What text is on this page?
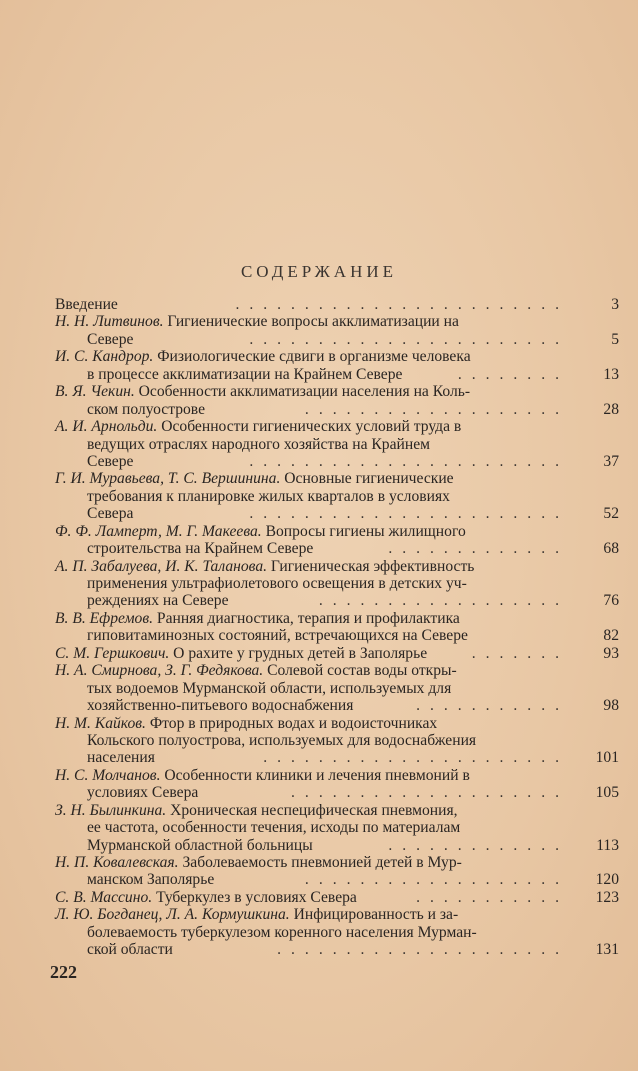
СОДЕРЖАНИЕ
Введение	........................	3
Н. Н. Литвинов. Гигиенические вопросы акклиматизации на
Севере	.......................	5
И. С. Кандрор. Физиологические сдвиги в организме человека
в процессе акклиматизации на Крайнем Севере	........ 13
В. Я. Чекин. Особенности акклиматизации населения на Коль-
ском полуострове	................... 28
А. И. Арнольди. Особенности гигиенических условий труда в
ведущих отраслях народного хозяйства на Крайнем
Севере	....................... 37
Г. И. Муравьева, Т. С. Вершинина. Основные гигиенические
требования к планировке жилых кварталов в условиях
Севера	....................... 52
Ф. Ф. Ламперт, М. Г. Макеева. Вопросы гигиены жилищного
строительства на Крайнем Севере	............. 68
А. П. Забалуева, И. К. Таланова. Гигиеническая эффективность
применения ультрафиолетового освещения в детских уч-
реждениях на Севере	.................. 76
В. В. Ефремов. Ранняя диагностика, терапия и профилактика
гиповитаминозных состояний, встречающихся на Севере	82
С. М. Гершкович. О рахите у грудных детей в Заполярье	....... 93
Н. А. Смирнова, З. Г. Федякова. Солевой состав воды откры-
тых водоемов Мурманской области, используемых для
хозяйственно-питьевого водоснабжения	........... 98
Н. М. Кайков. Фтор в природных водах и водоисточниках
Кольского полуострова, используемых для водоснабжения
населения	...................... 101
Н. С. Молчанов. Особенности клиники и лечения пневмоний в
условиях Севера	.................... 105
З. Н. Былинкина. Хроническая неспецифическая пневмония,
ее частота, особенности течения, исходы по материалам
Мурманской областной больницы	............. 113
Н. П. Ковалевская. Заболеваемость пневмонией детей в Мур-
манском Заполярье	................... 120
С. В. Массино. Туберкулез в условиях Севера	........... 123
Л. Ю. Богданец, Л. А. Кормушкина. Инфицированность и за-
болеваемость туберкулезом коренного населения Мурман-
ской области	..................... 131
222
